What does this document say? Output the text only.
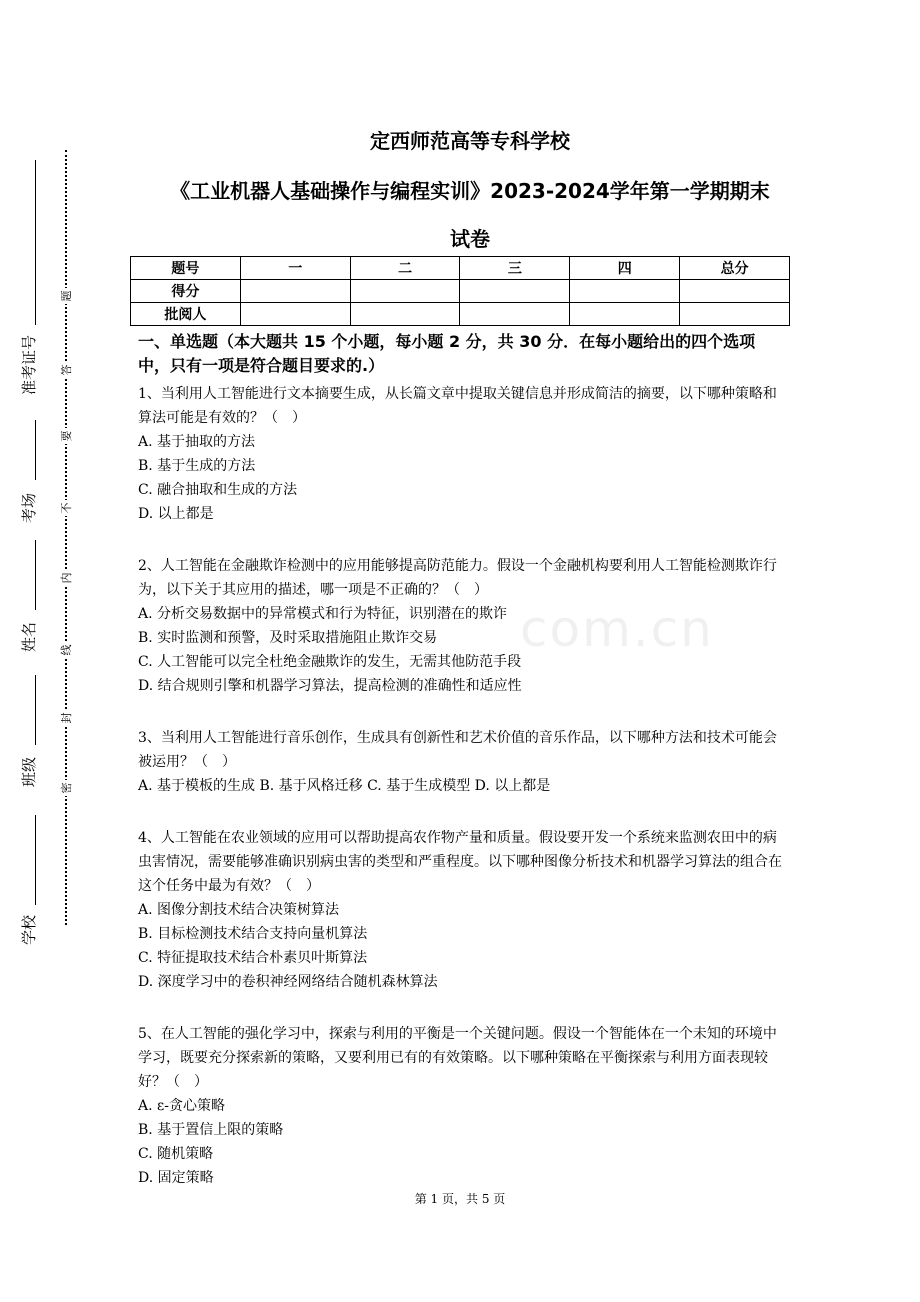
准考证号
考场
姓名
班级
学校
题
答
要
不
内
线
封
密
定西师范高等专科学校
《工业机器人基础操作与编程实训》2023-2024学年第一学期期末
试卷
题号	一	二	三	四	总分
得分					
批阅人					

一、单选题（本大题共 15 个小题，每小题 2 分，共 30 分．在每小题给出的四个选项中，只有一项是符合题目要求的.）

1、当利用人工智能进行文本摘要生成，从长篇文章中提取关键信息并形成简洁的摘要，以下哪种策略和算法可能是有效的？（　）

A. 基于抽取的方法

B. 基于生成的方法

C. 融合抽取和生成的方法

D. 以上都是

2、人工智能在金融欺诈检测中的应用能够提高防范能力。假设一个金融机构要利用人工智能检测欺诈行为，以下关于其应用的描述，哪一项是不正确的？（　）

A. 分析交易数据中的异常模式和行为特征，识别潜在的欺诈

B. 实时监测和预警，及时采取措施阻止欺诈交易

C. 人工智能可以完全杜绝金融欺诈的发生，无需其他防范手段

D. 结合规则引擎和机器学习算法，提高检测的准确性和适应性

3、当利用人工智能进行音乐创作，生成具有创新性和艺术价值的音乐作品，以下哪种方法和技术可能会被运用？（　）

A. 基于模板的生成 B. 基于风格迁移 C. 基于生成模型 D. 以上都是

4、人工智能在农业领域的应用可以帮助提高农作物产量和质量。假设要开发一个系统来监测农田中的病虫害情况，需要能够准确识别病虫害的类型和严重程度。以下哪种图像分析技术和机器学习算法的组合在这个任务中最为有效？（　）

A. 图像分割技术结合决策树算法

B. 目标检测技术结合支持向量机算法

C. 特征提取技术结合朴素贝叶斯算法

D. 深度学习中的卷积神经网络结合随机森林算法

5、在人工智能的强化学习中，探索与利用的平衡是一个关键问题。假设一个智能体在一个未知的环境中学习，既要充分探索新的策略，又要利用已有的有效策略。以下哪种策略在平衡探索与利用方面表现较好？（　）

A. ε-贪心策略

B. 基于置信上限的策略

C. 随机策略

D. 固定策略

com.cn
第 1 页，共 5 页
